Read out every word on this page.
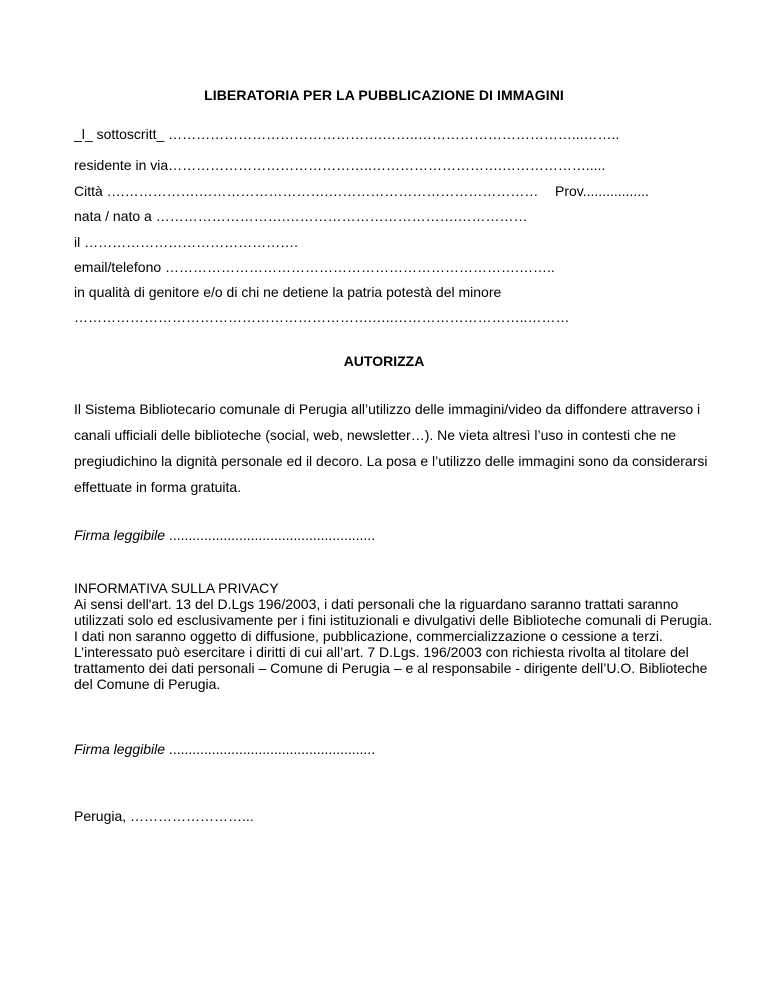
LIBERATORIA PER LA PUBBLICAZIONE DI IMMAGINI
_l_ sottoscritt_ ……………………………………….……..……………………………...……..
residente in via……………………………………..……………………….……………….....
Città ….…………….……………………….……………………………………… Prov.................
nata / nato a ……………………….……………………………….……………
il ……………………………………….
email/telefono ………………………………………………………………….……..
in qualità di genitore e/o di chi ne detiene la patria potestà del minore
……………………………………………………….…..………………………..………
AUTORIZZA
Il Sistema Bibliotecario comunale di Perugia all’utilizzo delle immagini/video da diffondere attraverso i canali ufficiali delle biblioteche (social, web, newsletter…). Ne vieta altresì l’uso in contesti che ne pregiudichino la dignità personale ed il decoro. La posa e l’utilizzo delle immagini sono da considerarsi effettuate in forma gratuita.
Firma leggibile .....................................................
INFORMATIVA SULLA PRIVACY
Ai sensi dell'art. 13 del D.Lgs 196/2003, i dati personali che la riguardano saranno trattati saranno utilizzati solo ed esclusivamente per i fini istituzionali e divulgativi delle Biblioteche comunali di Perugia. I dati non saranno oggetto di diffusione, pubblicazione, commercializzazione o cessione a terzi. L’interessato può esercitare i diritti di cui all’art. 7 D.Lgs. 196/2003 con richiesta rivolta al titolare del trattamento dei dati personali – Comune di Perugia – e al responsabile - dirigente dell’U.O. Biblioteche del Comune di Perugia.
Firma leggibile .....................................................
Perugia, ……………………...
